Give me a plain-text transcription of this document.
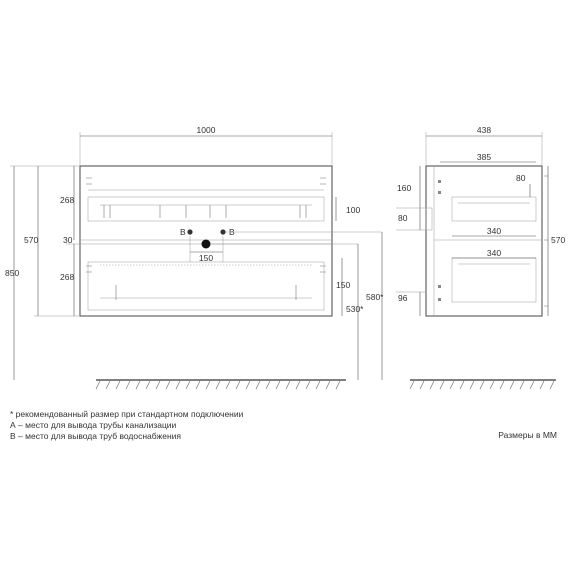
B	B
1000
850
570
268
30
268
100
150
150
530*
580*
438
385
160
80
80
340
340
96
570
* рекомендованный размер при стандартном подключении
А – место для вывода трубы канализации
В – место для вывода труб водоснабжения	Размеры в ММ
